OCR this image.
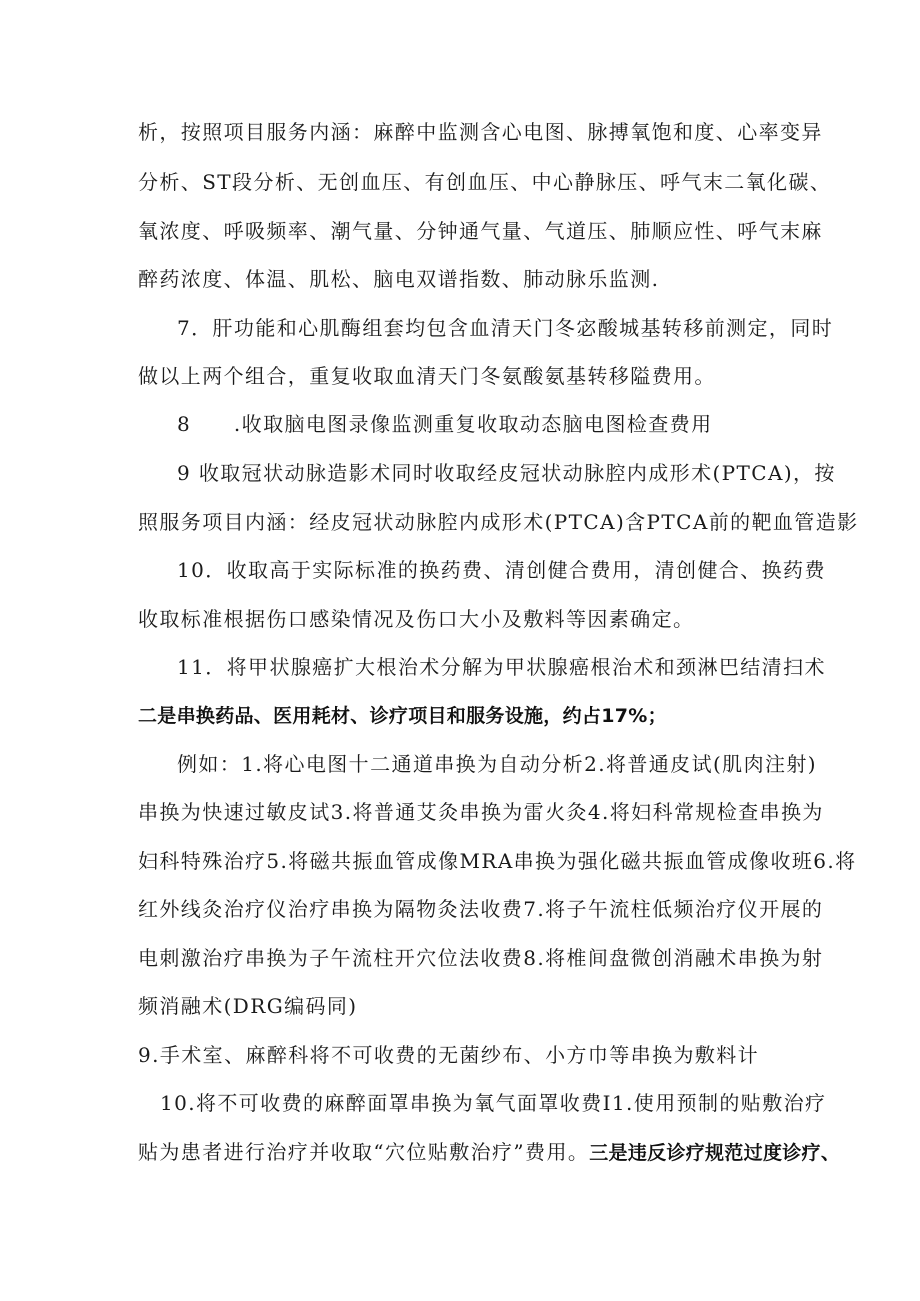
析，按照项目服务内涵：麻醉中监测含心电图、脉搏氧饱和度、心率变异
分析、ST段分析、无创血压、有创血压、中心静脉压、呼气末二氧化碳、
氧浓度、呼吸频率、潮气量、分钟通气量、气道压、肺顺应性、呼气末麻
醉药浓度、体温、肌松、脑电双谱指数、肺动脉乐监测.
7．肝功能和心肌酶组套均包含血清天门冬宓酸城基转移前测定，同时
做以上两个组合，重复收取血清天门冬氨酸氨基转移隘费用。
8　　.收取脑电图录像监测重复收取动态脑电图检查费用
9 收取冠状动脉造影术同时收取经皮冠状动脉腔内成形术(PTCA)，按
照服务项目内涵：经皮冠状动脉腔内成形术(PTCA)含PTCA前的靶血管造影
10．收取高于实际标准的换药费、清创健合费用，清创健合、换药费
收取标准根据伤口感染情况及伤口大小及敷料等因素确定。
11．将甲状腺癌扩大根治术分解为甲状腺癌根治术和颈淋巴结清扫术
二是串换药品、医用耗材、诊疗项目和服务设施，约占17%；
例如：1.将心电图十二通道串换为自动分析2.将普通皮试(肌肉注射)
串换为快速过敏皮试3.将普通艾灸串换为雷火灸4.将妇科常规检查串换为
妇科特殊治疗5.将磁共振血管成像MRA串换为强化磁共振血管成像收班6.将
红外线灸治疗仪治疗串换为隔物灸法收费7.将子午流柱低频治疗仪开展的
电刺激治疗串换为子午流柱开穴位法收费8.将椎间盘微创消融术串换为射
频消融术(DRG编码同)
9.手术室、麻醉科将不可收费的无菌纱布、小方巾等串换为敷料计
10.将不可收费的麻醉面罩串换为氧气面罩收费I1.使用预制的贴敷治疗
贴为患者进行治疗并收取“穴位贴敷治疗”费用。三是违反诊疗规范过度诊疗、
